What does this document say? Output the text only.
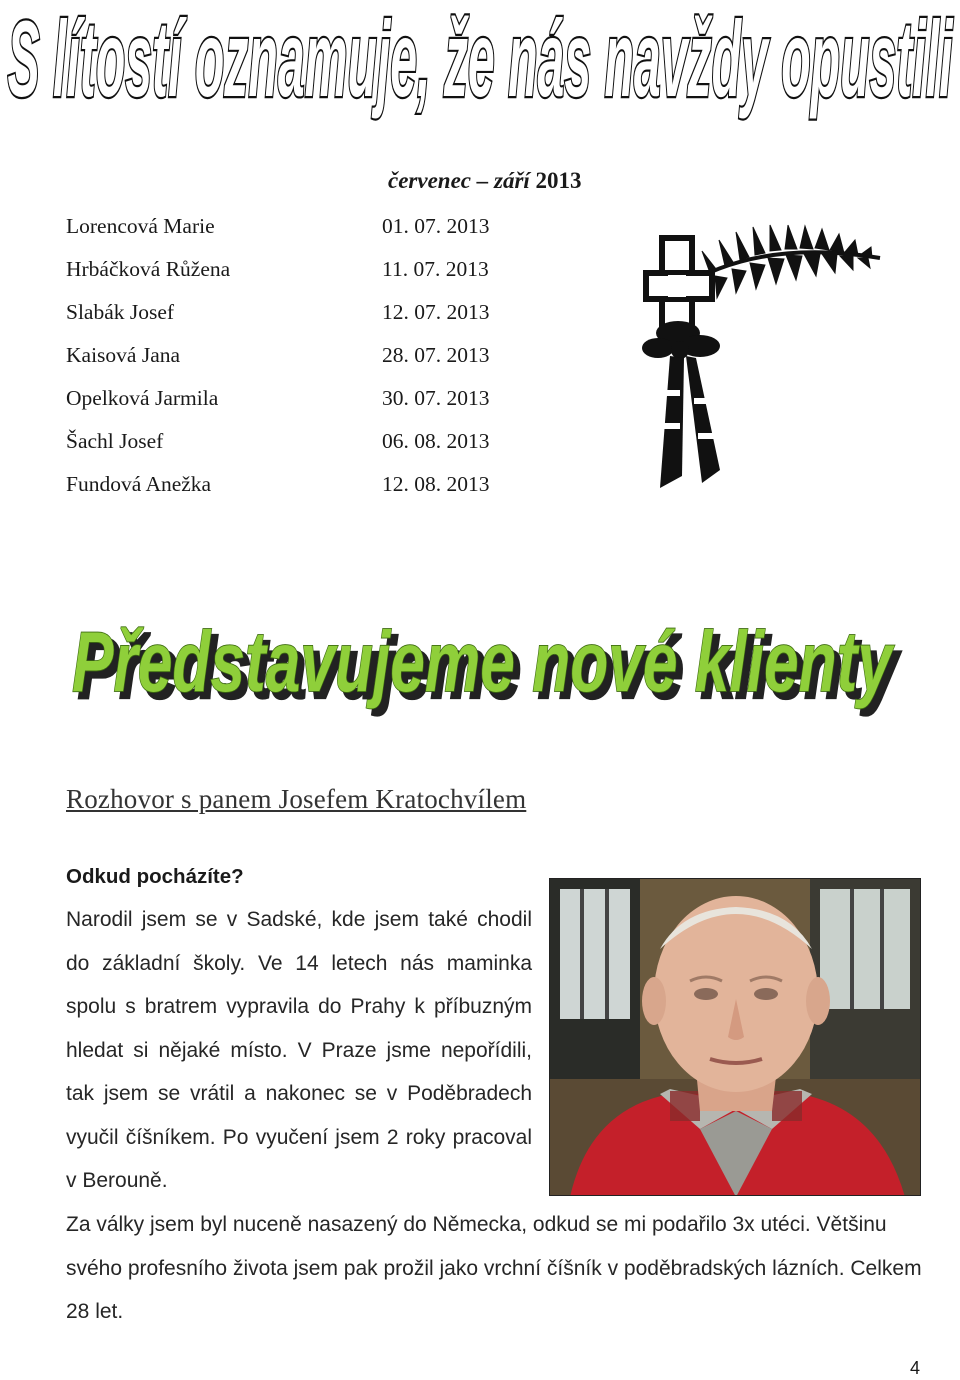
S lítostí oznamuje, že nás navždy opustili
červenec – září 2013
Lorencová Marie	01. 07. 2013
Hrbáčková Růžena	11. 07. 2013
Slabák Josef	12. 07. 2013
Kaisová Jana	28. 07. 2013
Opelková Jarmila	30. 07. 2013
Šachl Josef	06. 08. 2013
Fundová Anežka	12. 08. 2013
Představujeme nové klienty
Představujeme nové klienty
Rozhovor s panem Josefem Kratochvílem
Odkud pocházíte?
Narodil jsem se v Sadské, kde jsem také chodil do základní školy. Ve 14 letech nás maminka spolu s bratrem vypravila do Prahy k příbuzným hledat si nějaké místo. V Praze jsme nepořídili, tak jsem se vrátil a nakonec se v Poděbradech vyučil číšníkem. Po vyučení jsem 2 roky pracoval v Berouně.
Za války jsem byl nuceně nasazený do Německa, odkud se mi podařilo 3x utéci. Většinu svého profesního života jsem pak prožil jako vrchní číšník v poděbradských lázních. Celkem 28 let.
4
